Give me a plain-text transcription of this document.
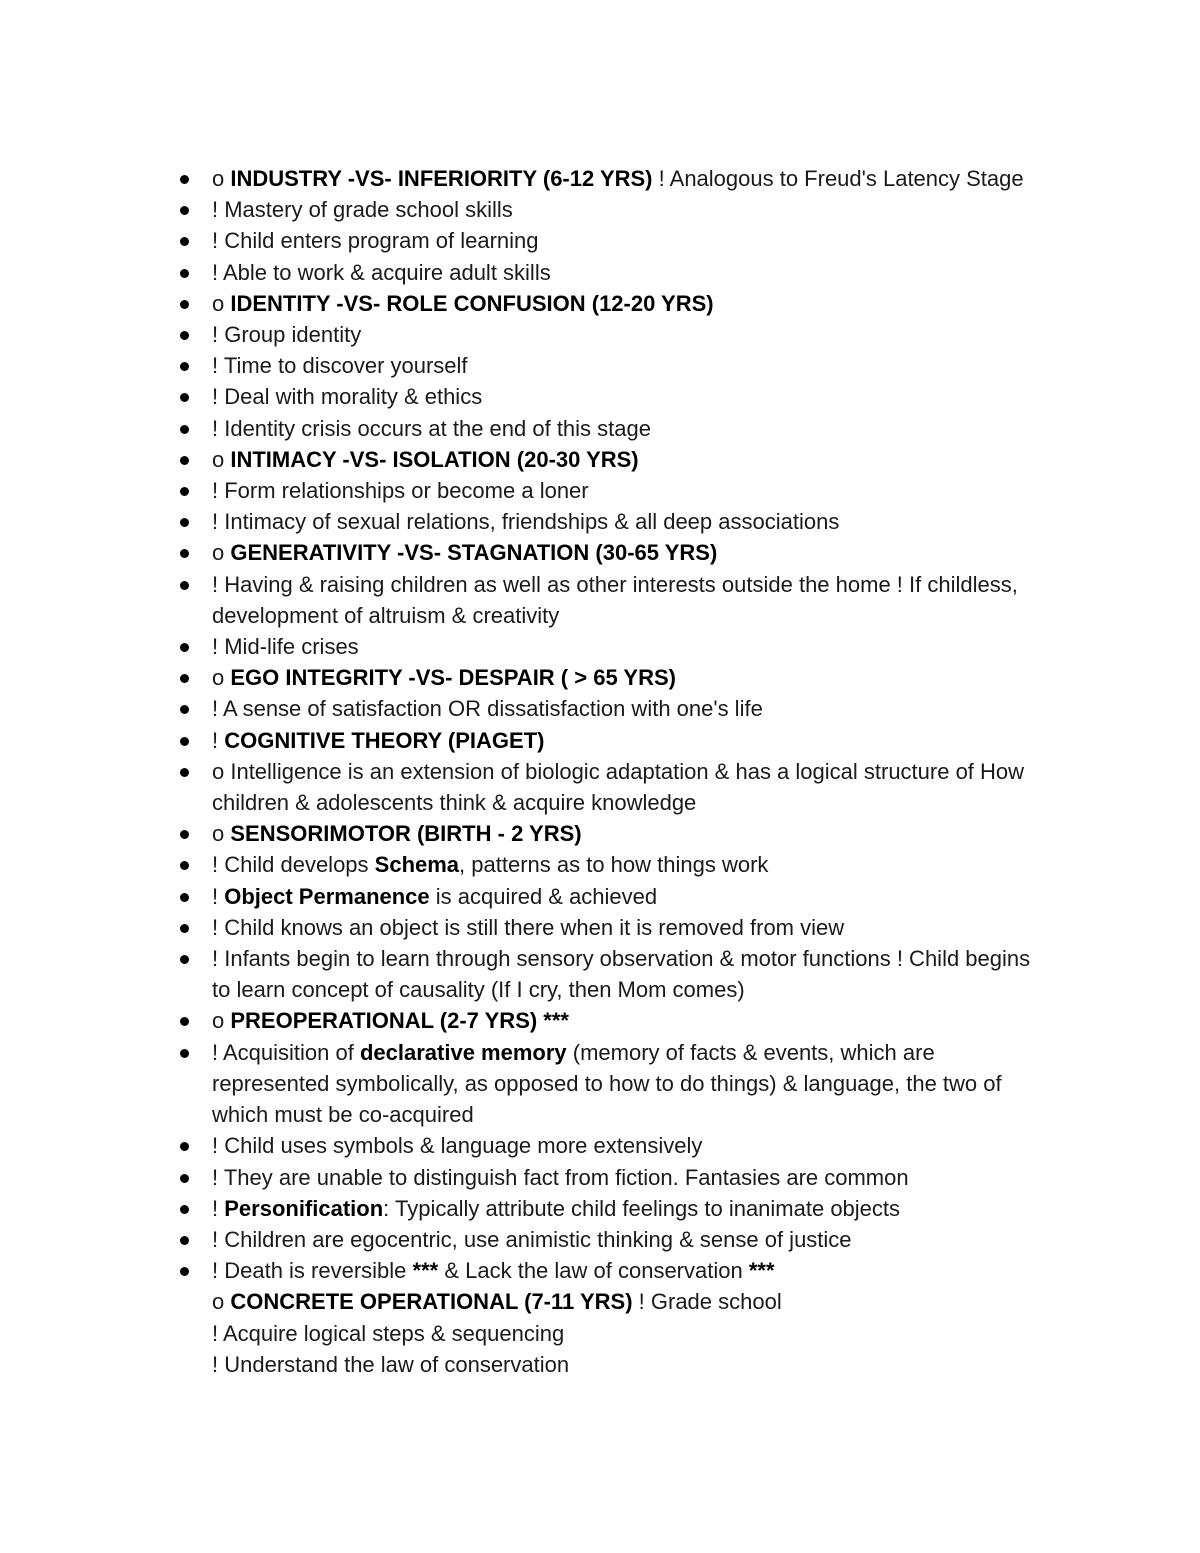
o INDUSTRY -VS- INFERIORITY (6-12 YRS) ! Analogous to Freud's Latency Stage
! Mastery of grade school skills
! Child enters program of learning
! Able to work & acquire adult skills
o IDENTITY -VS- ROLE CONFUSION (12-20 YRS)
! Group identity
! Time to discover yourself
! Deal with morality & ethics
! Identity crisis occurs at the end of this stage
o INTIMACY -VS- ISOLATION (20-30 YRS)
! Form relationships or become a loner
! Intimacy of sexual relations, friendships & all deep associations
o GENERATIVITY -VS- STAGNATION (30-65 YRS)
! Having & raising children as well as other interests outside the home ! If childless, development of altruism & creativity
! Mid-life crises
o EGO INTEGRITY -VS- DESPAIR ( > 65 YRS)
! A sense of satisfaction OR dissatisfaction with one's life
! COGNITIVE THEORY (PIAGET)
o Intelligence is an extension of biologic adaptation & has a logical structure of How children & adolescents think & acquire knowledge
o SENSORIMOTOR (BIRTH - 2 YRS)
! Child develops Schema, patterns as to how things work
! Object Permanence is acquired & achieved
! Child knows an object is still there when it is removed from view
! Infants begin to learn through sensory observation & motor functions ! Child begins to learn concept of causality (If I cry, then Mom comes)
o PREOPERATIONAL (2-7 YRS) ***
! Acquisition of declarative memory (memory of facts & events, which are represented symbolically, as opposed to how to do things) & language, the two of which must be co-acquired
! Child uses symbols & language more extensively
! They are unable to distinguish fact from fiction. Fantasies are common
! Personification: Typically attribute child feelings to inanimate objects
! Children are egocentric, use animistic thinking & sense of justice
! Death is reversible *** & Lack the law of conservation ***
o CONCRETE OPERATIONAL (7-11 YRS) ! Grade school
! Acquire logical steps & sequencing
! Understand the law of conservation
